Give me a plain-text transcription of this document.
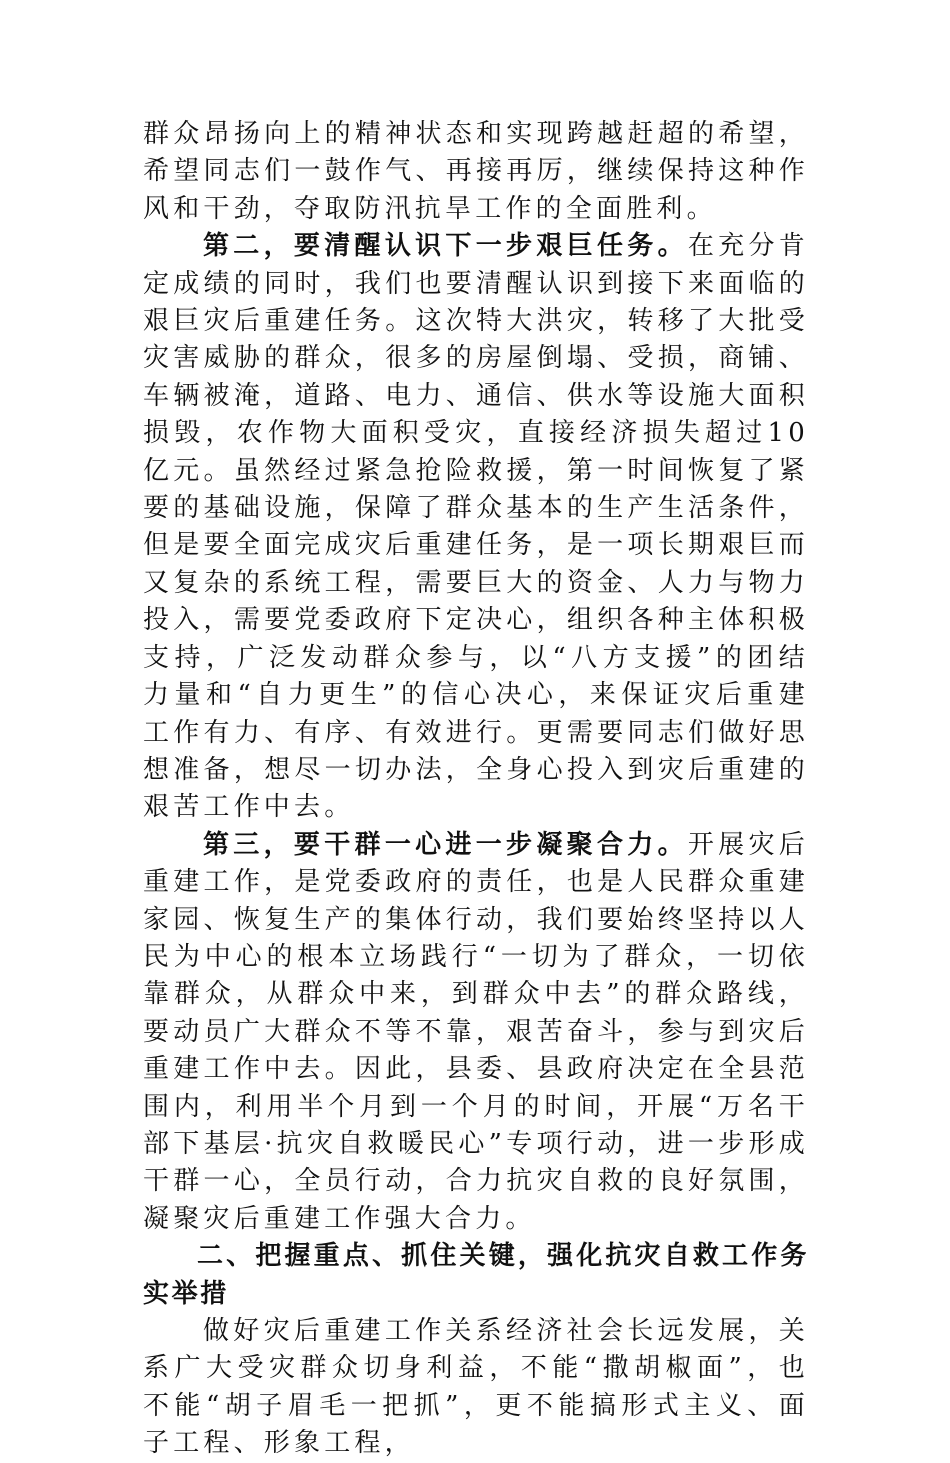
群众昂扬向上的精神状态和实现跨越赶超的希望，希望同志们一鼓作气、再接再厉，继续保持这种作风和干劲，夺取防汛抗旱工作的全面胜利。

第二，要清醒认识下一步艰巨任务。在充分肯定成绩的同时，我们也要清醒认识到接下来面临的艰巨灾后重建任务。这次特大洪灾，转移了大批受灾害威胁的群众，很多的房屋倒塌、受损，商铺、车辆被淹，道路、电力、通信、供水等设施大面积损毁，农作物大面积受灾，直接经济损失超过10亿元。虽然经过紧急抢险救援，第一时间恢复了紧要的基础设施，保障了群众基本的生产生活条件，但是要全面完成灾后重建任务，是一项长期艰巨而又复杂的系统工程，需要巨大的资金、人力与物力投入，需要党委政府下定决心，组织各种主体积极支持，广泛发动群众参与，以“八方支援”的团结力量和“自力更生”的信心决心，来保证灾后重建工作有力、有序、有效进行。更需要同志们做好思想准备，想尽一切办法，全身心投入到灾后重建的艰苦工作中去。

第三，要干群一心进一步凝聚合力。开展灾后重建工作，是党委政府的责任，也是人民群众重建家园、恢复生产的集体行动，我们要始终坚持以人民为中心的根本立场践行“一切为了群众，一切依靠群众，从群众中来，到群众中去”的群众路线，要动员广大群众不等不靠，艰苦奋斗，参与到灾后重建工作中去。因此，县委、县政府决定在全县范围内，利用半个月到一个月的时间，开展“万名干部下基层·抗灾自救暖民心”专项行动，进一步形成干群一心，全员行动，合力抗灾自救的良好氛围，凝聚灾后重建工作强大合力。

二、把握重点、抓住关键，强化抗灾自救工作务实举措

做好灾后重建工作关系经济社会长远发展，关系广大受灾群众切身利益，不能“撒胡椒面”，也不能“胡子眉毛一把抓”，更不能搞形式主义、面子工程、形象工程，
